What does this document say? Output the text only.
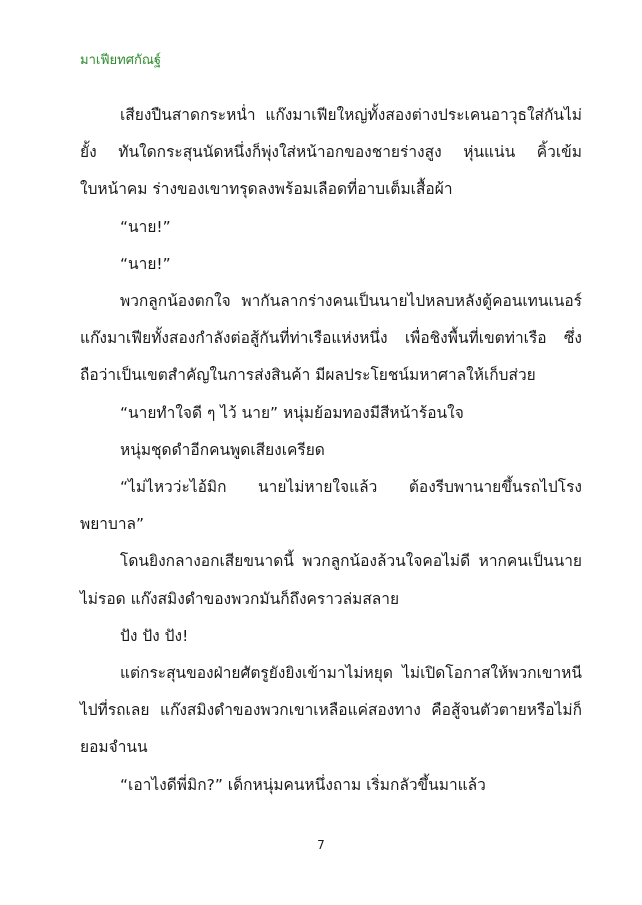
มาเฟียทศกัณฐ์

เสียงปืนสาดกระหน่ำ แก๊งมาเฟียใหญ่ทั้งสองต่างประเคนอาวุธใส่กันไม่ยั้ง ทันใดกระสุนนัดหนึ่งก็พุ่งใส่หน้าอกของชายร่างสูง หุ่นแน่น คิ้วเข้ม ใบหน้าคม ร่างของเขาทรุดลงพร้อมเลือดที่อาบเต็มเสื้อผ้า

“นาย!”

“นาย!”

พวกลูกน้องตกใจ พากันลากร่างคนเป็นนายไปหลบหลังตู้คอนเทนเนอร์ แก๊งมาเฟียทั้งสองกำลังต่อสู้กันที่ท่าเรือแห่งหนึ่ง เพื่อชิงพื้นที่เขตท่าเรือ ซึ่งถือว่าเป็นเขตสำคัญในการส่งสินค้า มีผลประโยชน์มหาศาลให้เก็บส่วย

“นายทำใจดี ๆ ไว้ นาย” หนุ่มย้อมทองมีสีหน้าร้อนใจ

หนุ่มชุดดำอีกคนพูดเสียงเครียด

“ไม่ไหวว่ะไอ้มิก นายไม่หายใจแล้ว ต้องรีบพานายขึ้นรถไปโรงพยาบาล”

โดนยิงกลางอกเสียขนาดนี้ พวกลูกน้องล้วนใจคอไม่ดี หากคนเป็นนายไม่รอด แก๊งสมิงดำของพวกมันก็ถึงคราวล่มสลาย

ปัง ปัง ปัง!

แต่กระสุนของฝ่ายศัตรูยังยิงเข้ามาไม่หยุด ไม่เปิดโอกาสให้พวกเขาหนีไปที่รถเลย แก๊งสมิงดำของพวกเขาเหลือแค่สองทาง คือสู้จนตัวตายหรือไม่ก็ยอมจำนน

“เอาไงดีพี่มิก?” เด็กหนุ่มคนหนึ่งถาม เริ่มกลัวขึ้นมาแล้ว

7
